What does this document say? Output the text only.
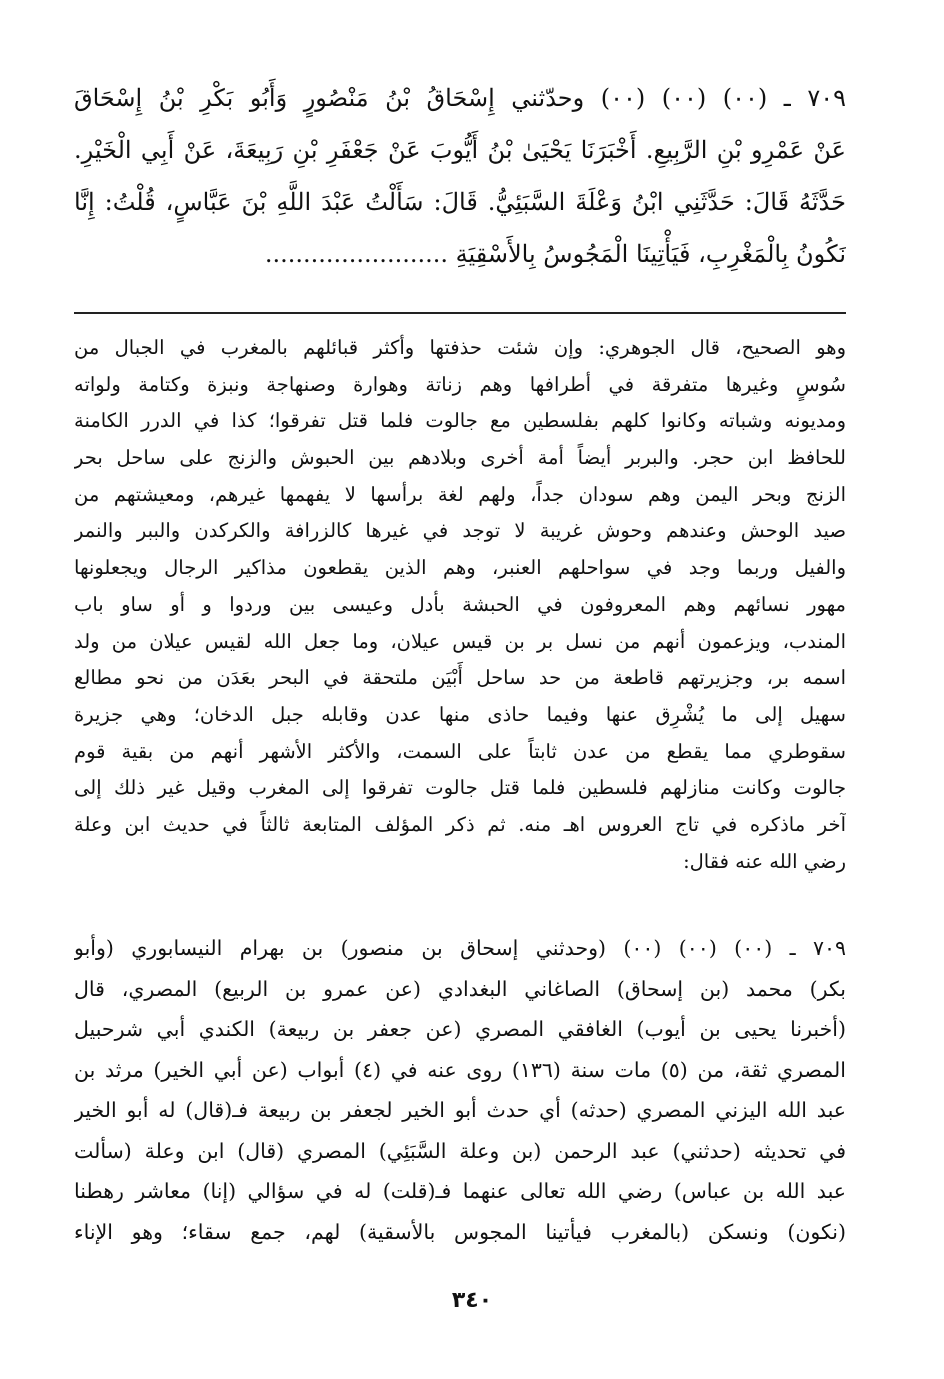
٧٠٩ ـ (٠٠) (٠٠) (٠٠) وحدّثني إِسْحَاقُ بْنُ مَنْصُورٍ وَأَبُو بَكْرِ بْنُ إِسْحَاقَ
عَنْ عَمْرِو بْنِ الرَّبِيعِ. أَخْبَرَنَا يَحْيَىٰ بْنُ أَيُّوبَ عَنْ جَعْفَرِ بْنِ رَبِيعَةَ، عَنْ أَبِي الْخَيْرِ.
حَدَّثَهُ قَالَ: حَدَّثَنِي ابْنُ وَعْلَةَ السَّبَئِيُّ. قَالَ: سَأَلْتُ عَبْدَ اللَّهِ بْنَ عَبَّاسٍ، قُلْتُ: إِنَّا
نَكُونُ بِالْمَغْرِبِ، فَيَأْتِينَا الْمَجُوسُ بِالأَسْقِيَةِ ........................
وهو الصحيح، قال الجوهري: وإن شئت حذفتها وأكثر قبائلهم بالمغرب في الجبال من
سُوسٍ وغيرها متفرقة في أطرافها وهم زناتة وهوارة وصنهاجة ونبزة وكتامة ولواته
ومديونه وشباته وكانوا كلهم بفلسطين مع جالوت فلما قتل تفرقوا؛ كذا في الدرر الكامنة
للحافظ ابن حجر. والبربر أيضاً أمة أخرى وبلادهم بين الحبوش والزنج على ساحل بحر
الزنج وبحر اليمن وهم سودان جداً، ولهم لغة برأسها لا يفهمها غيرهم، ومعيشتهم من
صيد الوحش وعندهم وحوش غريبة لا توجد في غيرها كالزرافة والكركدن والببر والنمر
والفيل وربما وجد في سواحلهم العنبر، وهم الذين يقطعون مذاكير الرجال ويجعلونها
مهور نسائهم وهم المعروفون في الحبشة بأدل وعيسى بين وردوا و أو ساو باب
المندب، ويزعمون أنهم من نسل بر بن قيس عيلان، وما جعل الله لقيس عيلان من ولد
اسمه بر، وجزيرتهم قاطعة من حد ساحل أَبْيَن ملتحقة في البحر بعَدَن من نحو مطالع
سهيل إلى ما يُشْرِق عنها وفيما حاذى منها عدن وقابله جبل الدخان؛ وهي جزيرة
سقوطري مما يقطع من عدن ثابتاً على السمت، والأكثر الأشهر أنهم من بقية قوم
جالوت وكانت منازلهم فلسطين فلما قتل جالوت تفرقوا إلى المغرب وقيل غير ذلك إلى
آخر ماذكره في تاج العروس اهـ منه. ثم ذكر المؤلف المتابعة ثالثاً في حديث ابن وعلة
رضي الله عنه فقال:
٧٠٩ ـ (٠٠) (٠٠) (٠٠) (وحدثني إسحاق بن منصور) بن بهرام النيسابوري (وأبو
بكر) محمد (بن إسحاق) الصاغاني البغدادي (عن عمرو بن الربيع) المصري، قال
(أخبرنا يحيى بن أيوب) الغافقي المصري (عن جعفر بن ربيعة) الكندي أبي شرحبيل
المصري ثقة، من (٥) مات سنة (١٣٦) روى عنه في (٤) أبواب (عن أبي الخير) مرثد بن
عبد الله اليزني المصري (حدثه) أي حدث أبو الخير لجعفر بن ربيعة فـ(قال) له أبو الخير
في تحديثه (حدثني) عبد الرحمن (بن وعلة السَّبَئِي) المصري (قال) ابن وعلة (سألت
عبد الله بن عباس) رضي الله تعالى عنهما فـ(قلت) له في سؤالي (إنا) معاشر رهطنا
(نكون) ونسكن (بالمغرب فيأتينا المجوس بالأسقية) لهم، جمع سقاء؛ وهو الإناء
٣٤٠
